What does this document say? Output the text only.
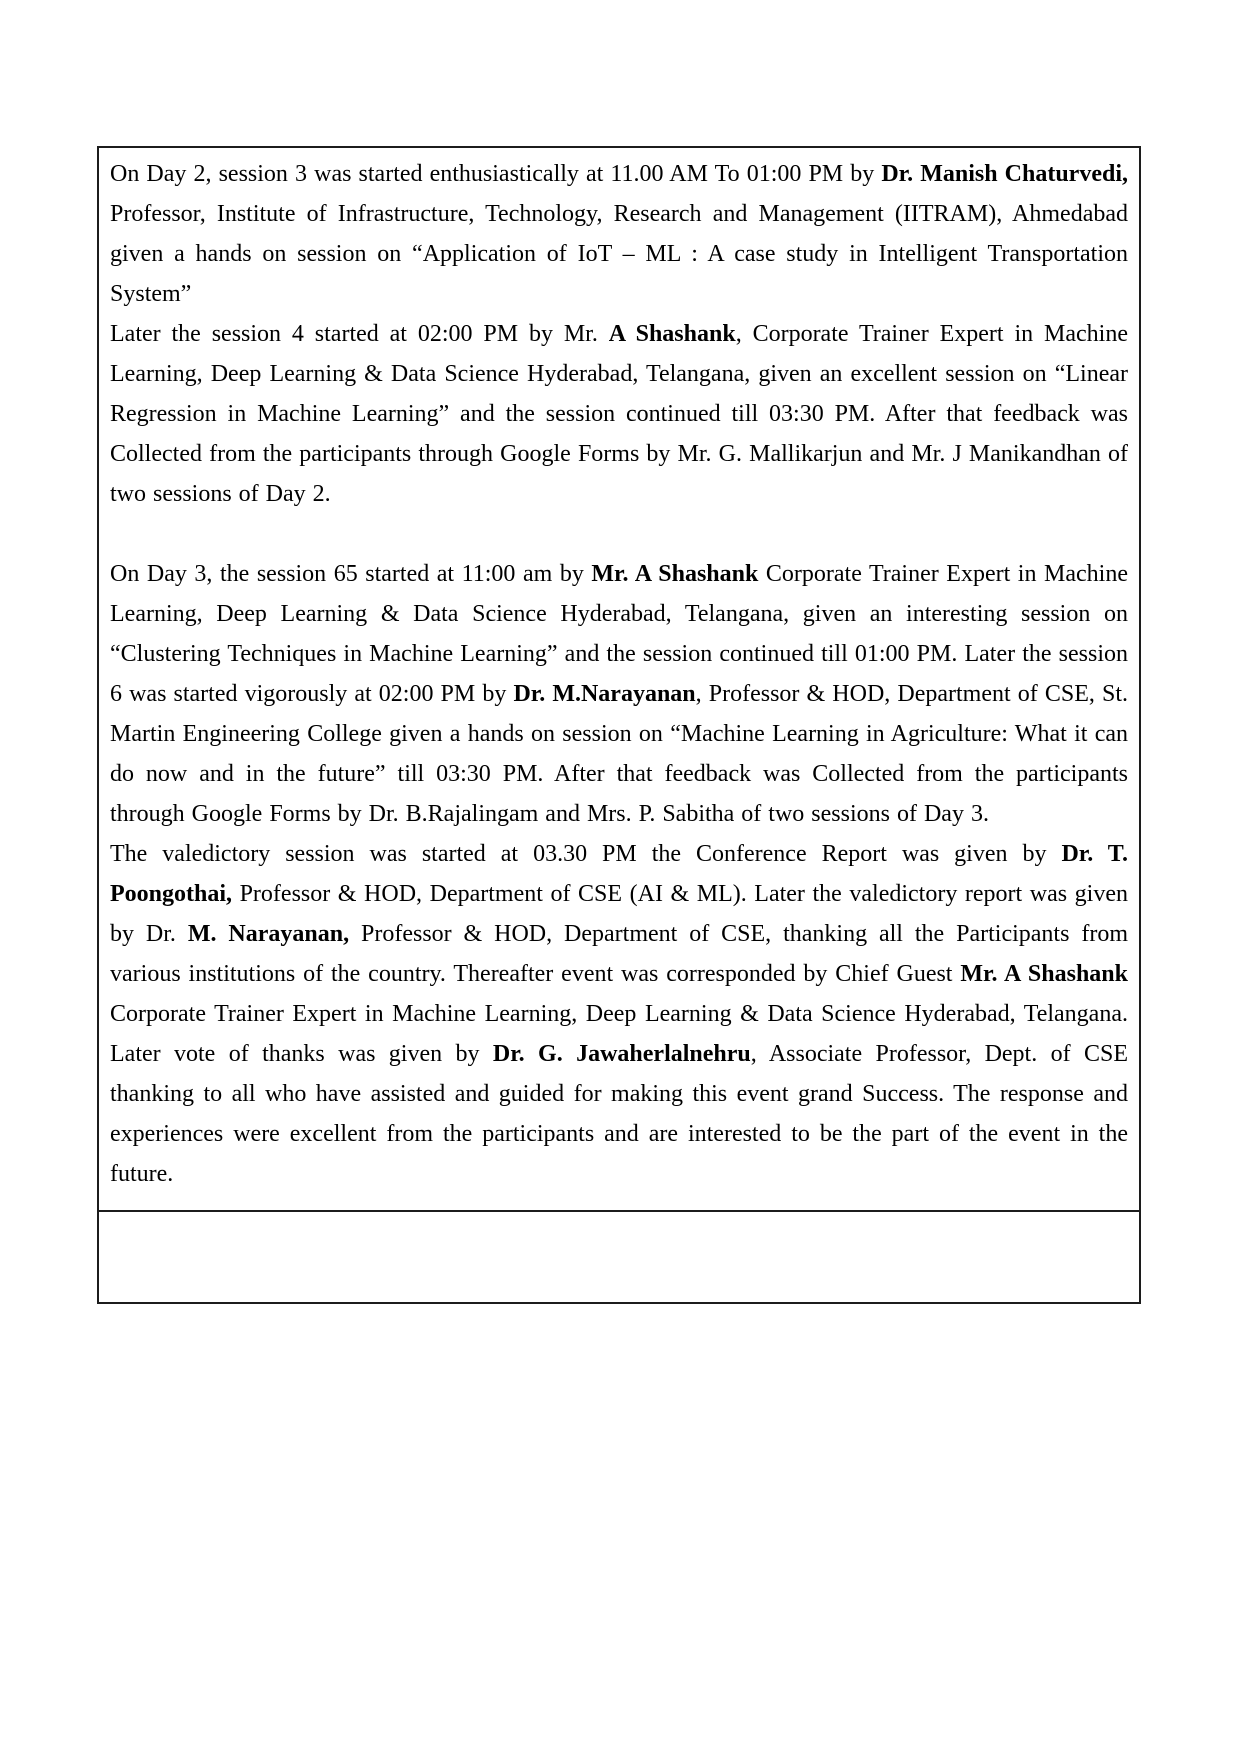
On Day 2, session 3 was started enthusiastically at 11.00 AM To 01:00 PM by Dr. Manish Chaturvedi, Professor, Institute of Infrastructure, Technology, Research and Management (IITRAM), Ahmedabad given a hands on session on “Application of IoT – ML : A case study in Intelligent Transportation System”

Later the session 4 started at 02:00 PM by Mr. A Shashank, Corporate Trainer Expert in Machine Learning, Deep Learning & Data Science Hyderabad, Telangana, given an excellent session on “Linear Regression in Machine Learning” and the session continued till 03:30 PM. After that feedback was Collected from the participants through Google Forms by Mr. G. Mallikarjun and Mr. J Manikandhan of two sessions of Day 2.

On Day 3, the session 65 started at 11:00 am by Mr. A Shashank Corporate Trainer Expert in Machine Learning, Deep Learning & Data Science Hyderabad, Telangana, given an interesting session on “Clustering Techniques in Machine Learning” and the session continued till 01:00 PM. Later the session 6 was started vigorously at 02:00 PM by Dr. M.Narayanan, Professor & HOD, Department of CSE, St. Martin Engineering College given a hands on session on “Machine Learning in Agriculture: What it can do now and in the future” till 03:30 PM. After that feedback was Collected from the participants through Google Forms by Dr. B.Rajalingam and Mrs. P. Sabitha of two sessions of Day 3.

The valedictory session was started at 03.30 PM the Conference Report was given by Dr. T. Poongothai, Professor & HOD, Department of CSE (AI & ML). Later the valedictory report was given by Dr. M. Narayanan, Professor & HOD, Department of CSE, thanking all the Participants from various institutions of the country. Thereafter event was corresponded by Chief Guest Mr. A Shashank Corporate Trainer Expert in Machine Learning, Deep Learning & Data Science Hyderabad, Telangana. Later vote of thanks was given by Dr. G. Jawaherlalnehru, Associate Professor, Dept. of CSE thanking to all who have assisted and guided for making this event grand Success. The response and experiences were excellent from the participants and are interested to be the part of the event in the future.
